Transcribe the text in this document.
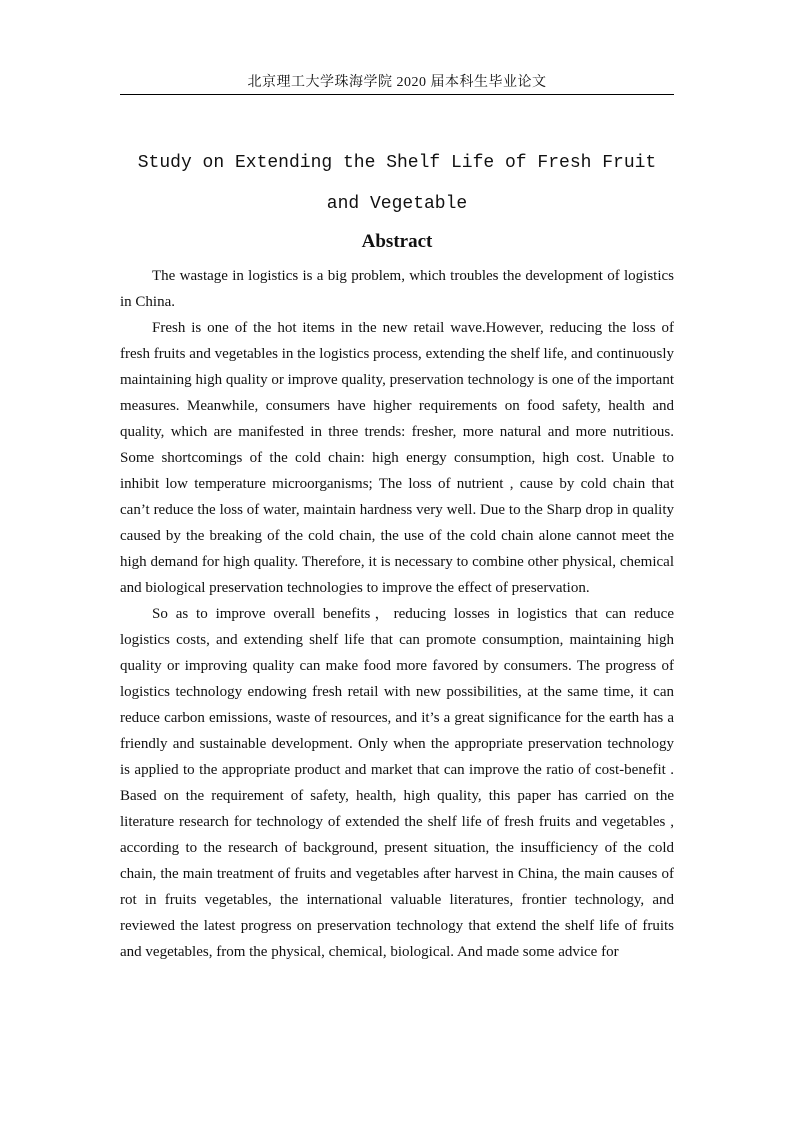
北京理工大学珠海学院 2020 届本科生毕业论文
Study on Extending the Shelf Life of Fresh Fruit and Vegetable
Abstract

The wastage in logistics is a big problem, which troubles the development of logistics in China.

Fresh is one of the hot items in the new retail wave.However, reducing the loss of fresh fruits and vegetables in the logistics process, extending the shelf life, and continuously maintaining high quality or improve quality, preservation technology is one of the important measures. Meanwhile, consumers have higher requirements on food safety, health and quality, which are manifested in three trends: fresher, more natural and more nutritious. Some shortcomings of the cold chain: high energy consumption, high cost. Unable to inhibit low temperature microorganisms; The loss of nutrient , cause by cold chain that can’t reduce the loss of water, maintain hardness very well. Due to the Sharp drop in quality caused by the breaking of the cold chain, the use of the cold chain alone cannot meet the high demand for high quality. Therefore, it is necessary to combine other physical, chemical and biological preservation technologies to improve the effect of preservation.

So as to improve overall benefits，reducing losses in logistics that can reduce logistics costs, and extending shelf life that can promote consumption, maintaining high quality or improving quality can make food more favored by consumers. The progress of logistics technology endowing fresh retail with new possibilities, at the same time, it can reduce carbon emissions, waste of resources, and it’s a great significance for the earth has a friendly and sustainable development. Only when the appropriate preservation technology is applied to the appropriate product and market that can improve the ratio of cost-benefit . Based on the requirement of safety, health, high quality, this paper has carried on the literature research for technology of extended the shelf life of fresh fruits and vegetables , according to the research of background, present situation, the insufficiency of the cold chain, the main treatment of fruits and vegetables after harvest in China, the main causes of rot in fruits vegetables, the international valuable literatures, frontier technology, and reviewed the latest progress on preservation technology that extend the shelf life of fruits and vegetables, from the physical, chemical, biological. And made some advice for
